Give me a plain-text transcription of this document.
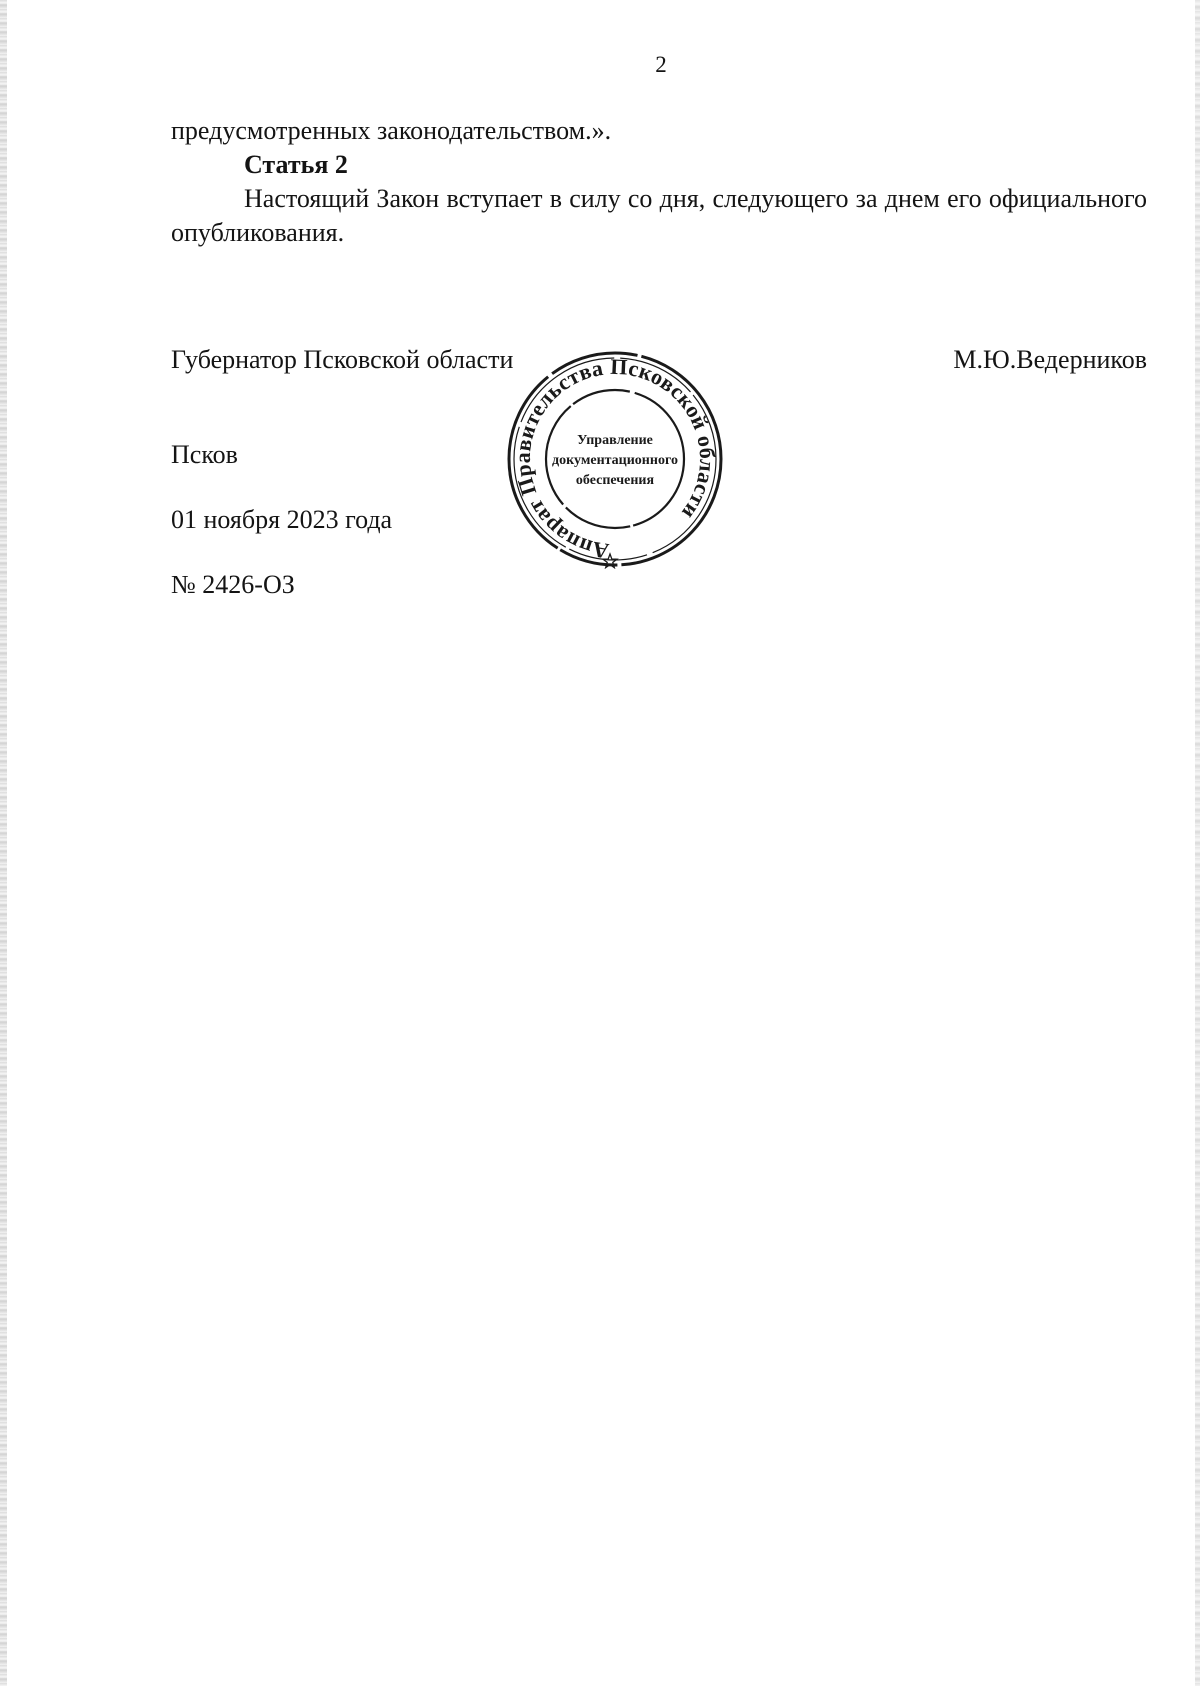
2
предусмотренных законодательством.».
Статья 2
Настоящий Закон вступает в силу со дня, следующего за днем его официального опубликования.
Губернатор Псковской области	М.Ю.Ведерников
Псков
01 ноября 2023 года
№ 2426-ОЗ
Аппарат Правительства Псковской области
Управление
документационного
обеспечения
